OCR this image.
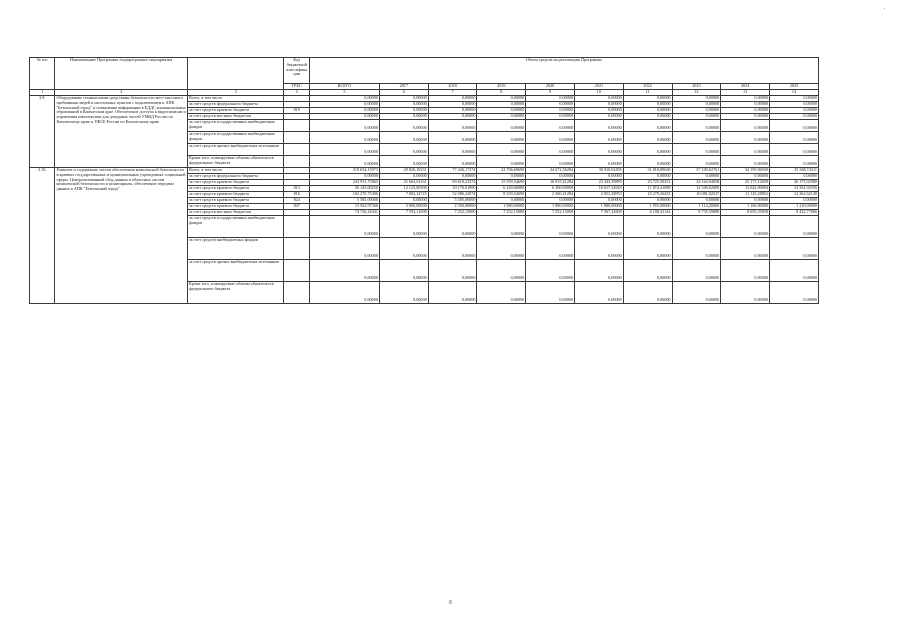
№ п/п	Наименование Программы /подпрограммы/ мероприятия		Код бюджетной классификации	Объем средств на реализацию Программы									
			ГРБС	ВСЕГО	2017	2018	2019	2020	2021	2022	2023	2024	2025
1	2	3	4	5	6	7	8	9	10	11	12	13	14
3.9.	Оборудование техническими средствами безопасности мест массового пребывания людей и населенных пунктов с подключением к АПК "Безопасный город" и повышения информации в ЕДДС муниципальных образований в Камчатском крае. Обеспечение доступа к видеозаписям и управления комплексами для дежурных частей УМВД России по Камчатскому краю и УФСБ России по Камчатскому краю	Всего, в том числе:		0,00000	0,00000	0,00000	0,00000	0,00000	0,00000	0,00000	0,00000	0,00000	0,00000
		за счет средств федерального бюджета		0,00000	0,00000	0,00000	0,00000	0,00000	0,00000	0,00000	0,00000	0,00000	0,00000
		за счет средств краевого бюджета	819	0,00000	0,00000	0,00000	0,00000	0,00000	0,00000	0,00000	0,00000	0,00000	0,00000
		за счет средств местных бюджетов		0,00000	0,00000	0,00000	0,00000	0,00000	0,00000	0,00000	0,00000	0,00000	0,00000
		за счет средств государственных внебюджетных фондов		0,00000	0,00000	0,00000	0,00000	0,00000	0,00000	0,00000	0,00000	0,00000	0,00000
		за счет средств государственных внебюджетных фондов		0,00000	0,00000	0,00000	0,00000	0,00000	0,00000	0,00000	0,00000	0,00000	0,00000
		за счет средств прочих внебюджетных источников		0,00000	0,00000	0,00000	0,00000	0,00000	0,00000	0,00000	0,00000	0,00000	0,00000
		Кроме того, планируемые объемы обязательств федерального бюджета		0,00000	0,00000	0,00000	0,00000	0,00000	0,00000	0,00000	0,00000	0,00000	0,00000
3.10.	Развитие и содержание систем обеспечения комплексной безопасности в краевых государственных и муниципальных учреждениях социальной сферы. Централизованный сбор данных в областных систем комплексной безопасности и мониторинга, обеспечение передачи данных в АПК "Безопасный город"	Всего, в том числе:		318 654,15973	29 826,10231	77 426,17374	22 706,69690	24 672,56284	30 910,02495	31 010,09630	37 100,62761	34 195,96920	35 568,74311
		за счет средств федерального бюджета		0,00000	0,00000	0,00000	0,00000	0,00000	0,00000	0,00000	0,00000	0,00000	0,00000
		за счет средств краевого бюджета		243 931,75865	21 662,01161	69 618,22374	15 559,54690	16 915,41284	23 343,39895	23 725,50251	24 164,94658	25 171,12659	26 175,92980
		за счет средств краевого бюджета	813	56 143,00250	12 123,00296	10 176,01900	6 240,00000	6 300,00000	10 617,34945	11 874,41098	12 549,02009	13 022,90094	13 354,30356
		за счет средств краевого бюджета	816	182 270,75306	7 002,14725	52 086,22074	8 339,54690	2 560,41284	2 853,28953	10 279,26453	10 081,02527	11 143,28852	12 262,62140
		за счет средств краевого бюджета	824	5 585,00000	0,00000	5 585,00000	0,00000	0,00000	0,00000	0,00000	0,00000	0,00000	0,00000
		за счет средств краевого бюджета	847	15 562,97366	3 000,00000	2 350,00000	1 980,00000	1 980,00000	1 980,00000	1 955,00000	1 114,20000	1 160,00000	1 210,00000
		за счет средств местных бюджетов		74 726,41041	7 592,11000	7 252,15000	7 252,15000	7 252,15000	7 567,42600	6 108,33142	8 735,59888	8 035,55838	9 432,77866
		за счет средств государственных внебюджетных фондов		0,00000	0,00000	0,00000	0,00000	0,00000	0,00000	0,00000	0,00000	0,00000	0,00000
		за счет средств внебюджетных фондов		0,00000	0,00000	0,00000	0,00000	0,00000	0,00000	0,00000	0,00000	0,00000	0,00000
		за счет средств прочих внебюджетных источников		0,00000	0,00000	0,00000	0,00000	0,00000	0,00000	0,00000	0,00000	0,00000	0,00000
		Кроме того, планируемые объемы обязательств федерального бюджета		0,00000	0,00000	0,00000	0,00000	0,00000	0,00000	0,00000	0,00000	0,00000	0,00000
'
8
